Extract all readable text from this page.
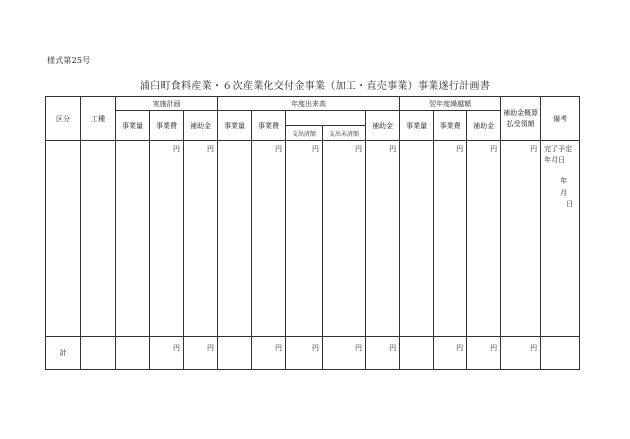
様式第25号
浦臼町食料産業・６次産業化交付金事業（加工・直売事業）事業遂行計画書
区分	工種	実施計画			年度出来高					翌年度繰越額			補助金概算払受領額	備考
		事業量	事業費	補助金	事業量	事業費			補助金	事業量	事業費	補助金		
							支出済額	支出未済額						
			円	円		円	円	円	円		円	円	円	完了予定
年月日
年　月
日

計			円	円		円	円	円	円		円	円	円	
